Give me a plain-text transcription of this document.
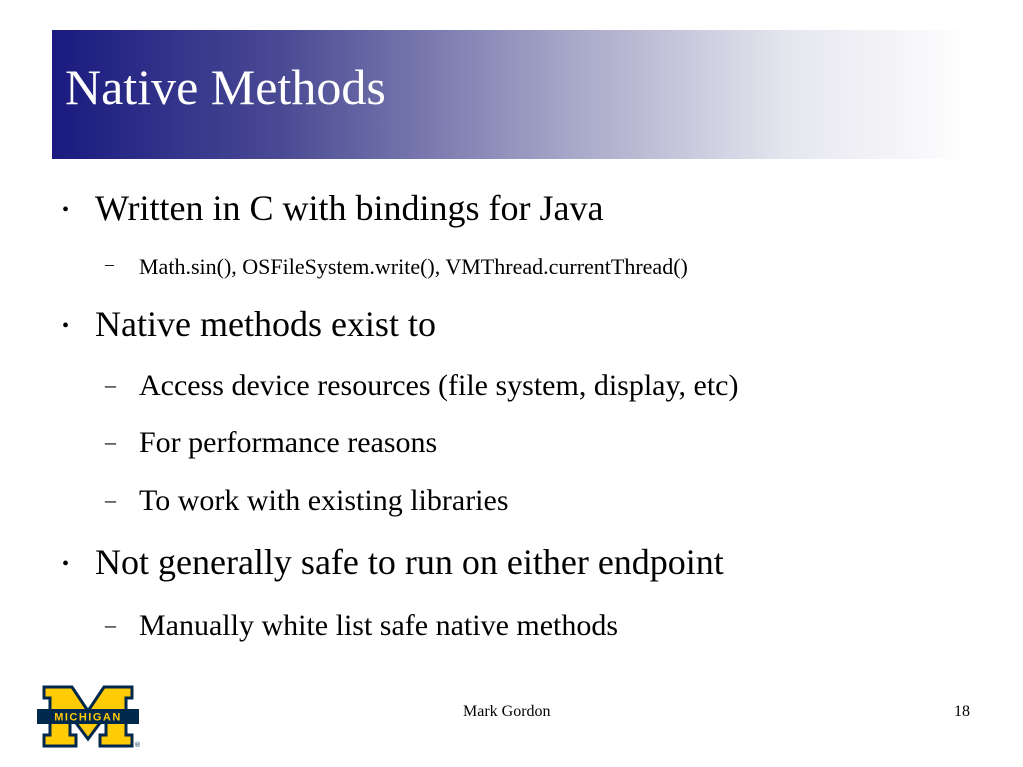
Native Methods
• Written in C with bindings for Java
– Math.sin(), OSFileSystem.write(), VMThread.currentThread()
• Native methods exist to
– Access device resources (file system, display, etc)
– For performance reasons
– To work with existing libraries
• Not generally safe to run on either endpoint
– Manually white list safe native methods
MICHIGAN
®
Mark Gordon	18
